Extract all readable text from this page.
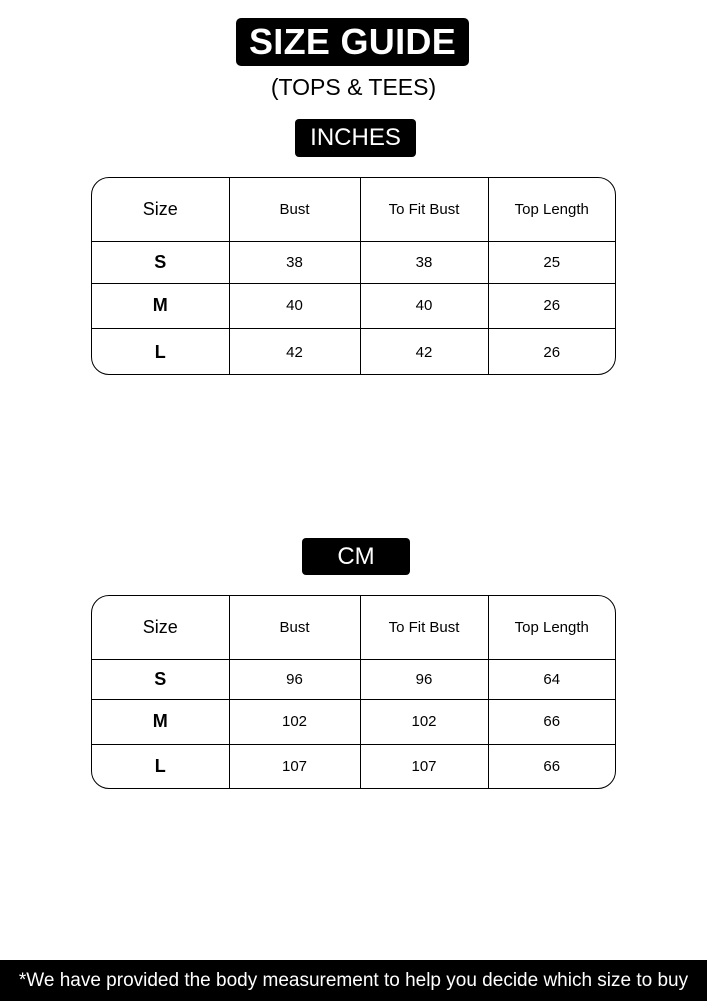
SIZE GUIDE
(TOPS & TEES)
INCHES
Size	Bust	To Fit Bust	Top Length
S	38	38	25
M	40	40	26
L	42	42	26
CM
Size	Bust	To Fit Bust	Top Length
S	96	96	64
M	102	102	66
L	107	107	66
*We have provided the body measurement to help you decide which size to buy
